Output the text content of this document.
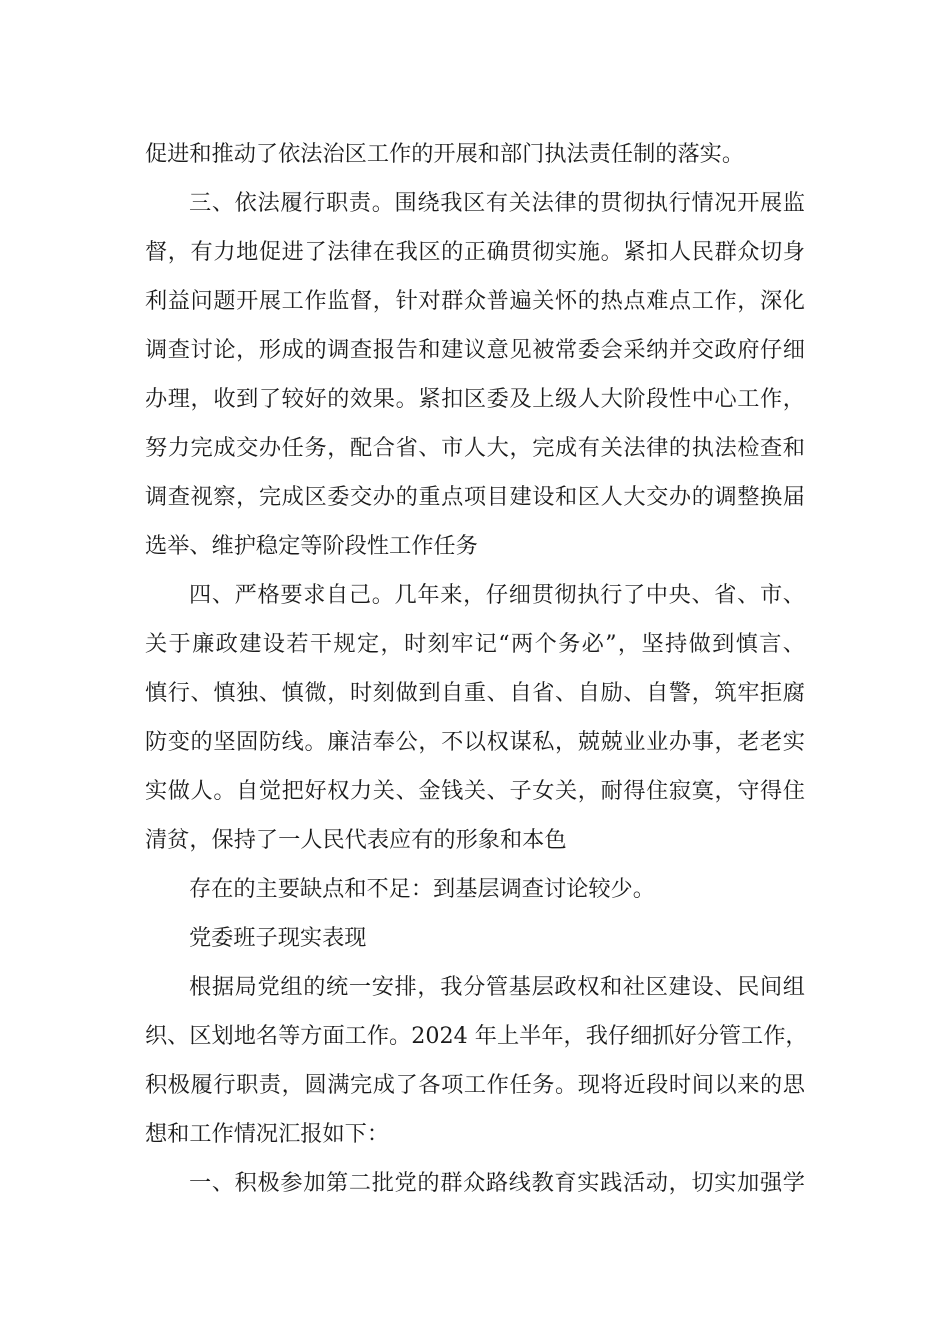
促进和推动了依法治区工作的开展和部门执法责任制的落实。
三、依法履行职责。围绕我区有关法律的贯彻执行情况开展监
督，有力地促进了法律在我区的正确贯彻实施。紧扣人民群众切身
利益问题开展工作监督，针对群众普遍关怀的热点难点工作，深化
调查讨论，形成的调查报告和建议意见被常委会采纳并交政府仔细
办理，收到了较好的效果。紧扣区委及上级人大阶段性中心工作，
努力完成交办任务，配合省、市人大，完成有关法律的执法检查和
调查视察，完成区委交办的重点项目建设和区人大交办的调整换届
选举、维护稳定等阶段性工作任务
四、严格要求自己。几年来，仔细贯彻执行了中央、省、市、
关于廉政建设若干规定，时刻牢记“两个务必”，坚持做到慎言、
慎行、慎独、慎微，时刻做到自重、自省、自励、自警，筑牢拒腐
防变的坚固防线。廉洁奉公，不以权谋私，兢兢业业办事，老老实
实做人。自觉把好权力关、金钱关、子女关，耐得住寂寞，守得住
清贫，保持了一人民代表应有的形象和本色
存在的主要缺点和不足：到基层调查讨论较少。
党委班子现实表现
根据局党组的统一安排，我分管基层政权和社区建设、民间组
织、区划地名等方面工作。2024 年上半年，我仔细抓好分管工作，
积极履行职责，圆满完成了各项工作任务。现将近段时间以来的思
想和工作情况汇报如下：
一、积极参加第二批党的群众路线教育实践活动，切实加强学
